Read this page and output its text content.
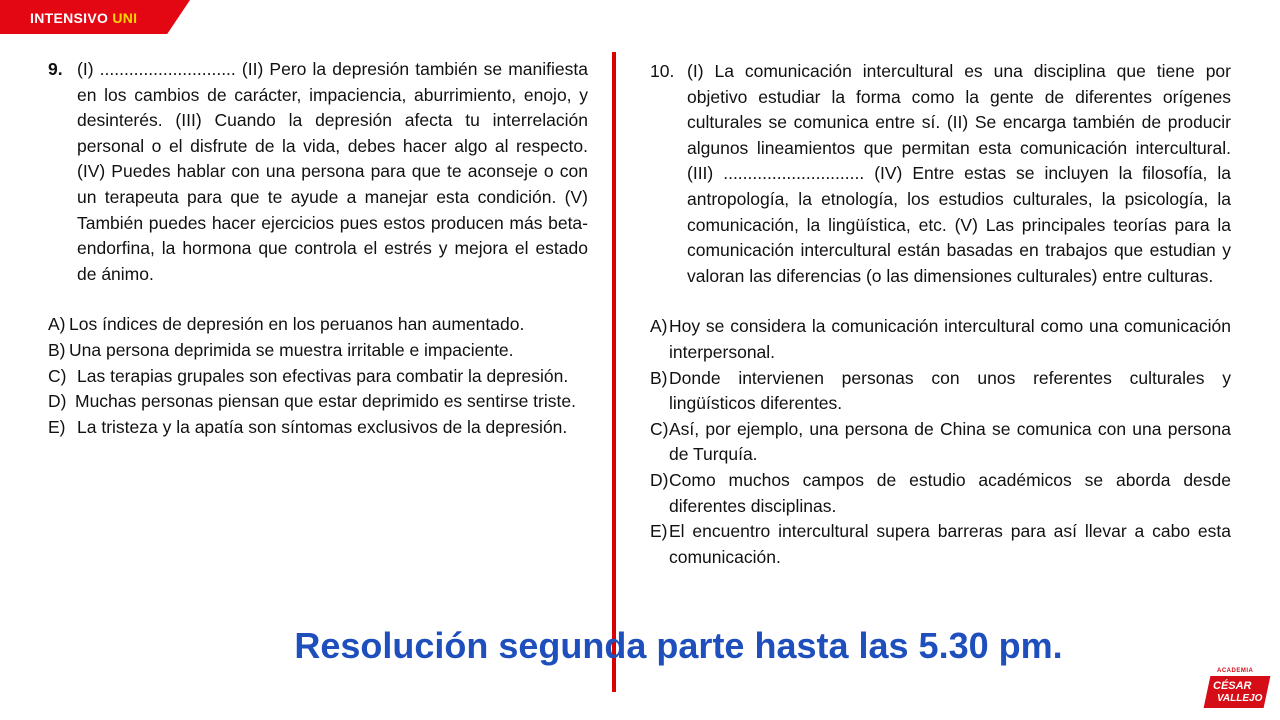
INTENSIVO UNI
9. (I) ............................ (II) Pero la depresión también se manifiesta en los cambios de carácter, impaciencia, aburrimiento, enojo, y desinterés. (III) Cuando la depresión afecta tu interrelación personal o el disfrute de la vida, debes hacer algo al respecto. (IV) Puedes hablar con una persona para que te aconseje o con un terapeuta para que te ayude a manejar esta condición. (V) También puedes hacer ejercicios pues estos producen más beta-endorfina, la hormona que controla el estrés y mejora el estado de ánimo.
A) Los índices de depresión en los peruanos han aumentado.
B) Una persona deprimida se muestra irritable e impaciente.
C) Las terapias grupales son efectivas para combatir la depresión.
D) Muchas personas piensan que estar deprimido es sentirse triste.
E) La tristeza y la apatía son síntomas exclusivos de la depresión.
10. (I) La comunicación intercultural es una disciplina que tiene por objetivo estudiar la forma como la gente de diferentes orígenes culturales se comunica entre sí. (II) Se encarga también de producir algunos lineamientos que permitan esta comunicación intercultural. (III) ............................. (IV) Entre estas se incluyen la filosofía, la antropología, la etnología, los estudios culturales, la psicología, la comunicación, la lingüística, etc. (V) Las principales teorías para la comunicación intercultural están basadas en trabajos que estudian y valoran las diferencias (o las dimensiones culturales) entre culturas.
A) Hoy se considera la comunicación intercultural como una comunicación interpersonal.
B) Donde intervienen personas con unos referentes culturales y lingüísticos diferentes.
C) Así, por ejemplo, una persona de China se comunica con una persona de Turquía.
D) Como muchos campos de estudio académicos se aborda desde diferentes disciplinas.
E) El encuentro intercultural supera barreras para así llevar a cabo esta comunicación.
Resolución segunda parte hasta las 5.30 pm.
ACADEMIA
CÉSAR
VALLEJO
